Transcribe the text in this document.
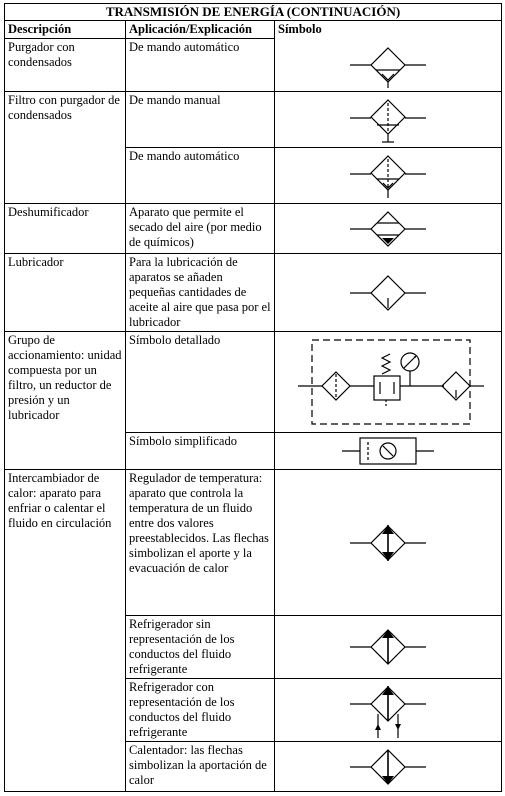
TRANSMISIÓN DE ENERGÍA (CONTINUACIÓN)		
Descripción	Aplicación/Explicación	Símbolo
Purgador con condensados	De mando automático	

Filtro con purgador de condensados	De mando manual	

	De mando automático	

Deshumificador	Aparato que permite el secado del aire (por medio de químicos)	

Lubricador	Para la lubricación de aparatos se añaden pequeñas cantidades de aceite al aire que pasa por el lubricador	

Grupo de accionamiento: unidad compuesta por un filtro, un reductor de presión y un lubricador	Símbolo detallado	

	Símbolo simplificado	

Intercambiador de calor: aparato para enfriar o calentar el fluido en circulación	Regulador de temperatura: aparato que controla la temperatura de un fluido entre dos valores preestablecidos. Las flechas simbolizan el aporte y la evacuación de calor	

	Refrigerador sin representación de los conductos del fluido refrigerante	

	Refrigerador con representación de los conductos del fluido refrigerante	

	Calentador: las flechas simbolizan la aportación de calor	
